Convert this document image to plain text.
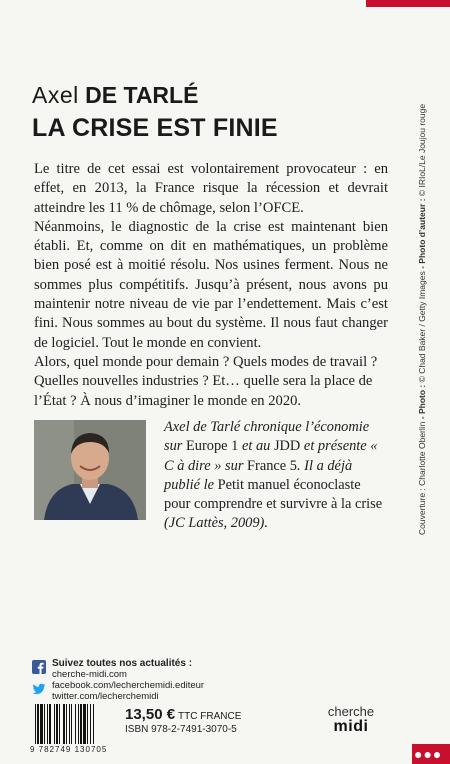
Axel DE TARLÉ
LA CRISE EST FINIE

Le titre de cet essai est volontairement provocateur : en effet, en 2013, la France risque la récession et devrait atteindre les 11 % de chômage, selon l’OFCE.

Néanmoins, le diagnostic de la crise est maintenant bien établi. Et, comme on dit en mathématiques, un problème bien posé est à moitié résolu. Nos usines ferment. Nous ne sommes plus compétitifs. Jusqu’à présent, nous avons pu maintenir notre niveau de vie par l’endettement. Mais c’est fini. Nous sommes au bout du système. Il nous faut changer de logiciel. Tout le monde en convient.

Alors, quel monde pour demain ? Quels modes de travail ? Quelles nouvelles industries ? Et… quelle sera la place de l’État ? À nous d’imaginer le monde en 2020.

Axel de Tarlé chronique l’économie sur Europe 1 et au JDD et présente « C à dire » sur France 5. Il a déjà publié le Petit manuel éconoclaste pour comprendre et survivre à la crise (JC Lattès, 2009).	Couverture : Charlotte Oberlin - Photo : © Chad Baker / Getty Images - Photo d’auteur : © IRIoL/Le Joujou rouge
Suivez toutes nos actualités :
cherche-midi.com
facebook.com/lecherchemidi.editeur
twitter.com/lecherchemidi
9 782749 130705
13,50 € TTC FRANCE
ISBN 978-2-7491-3070-5
cherche
midi
●●●
